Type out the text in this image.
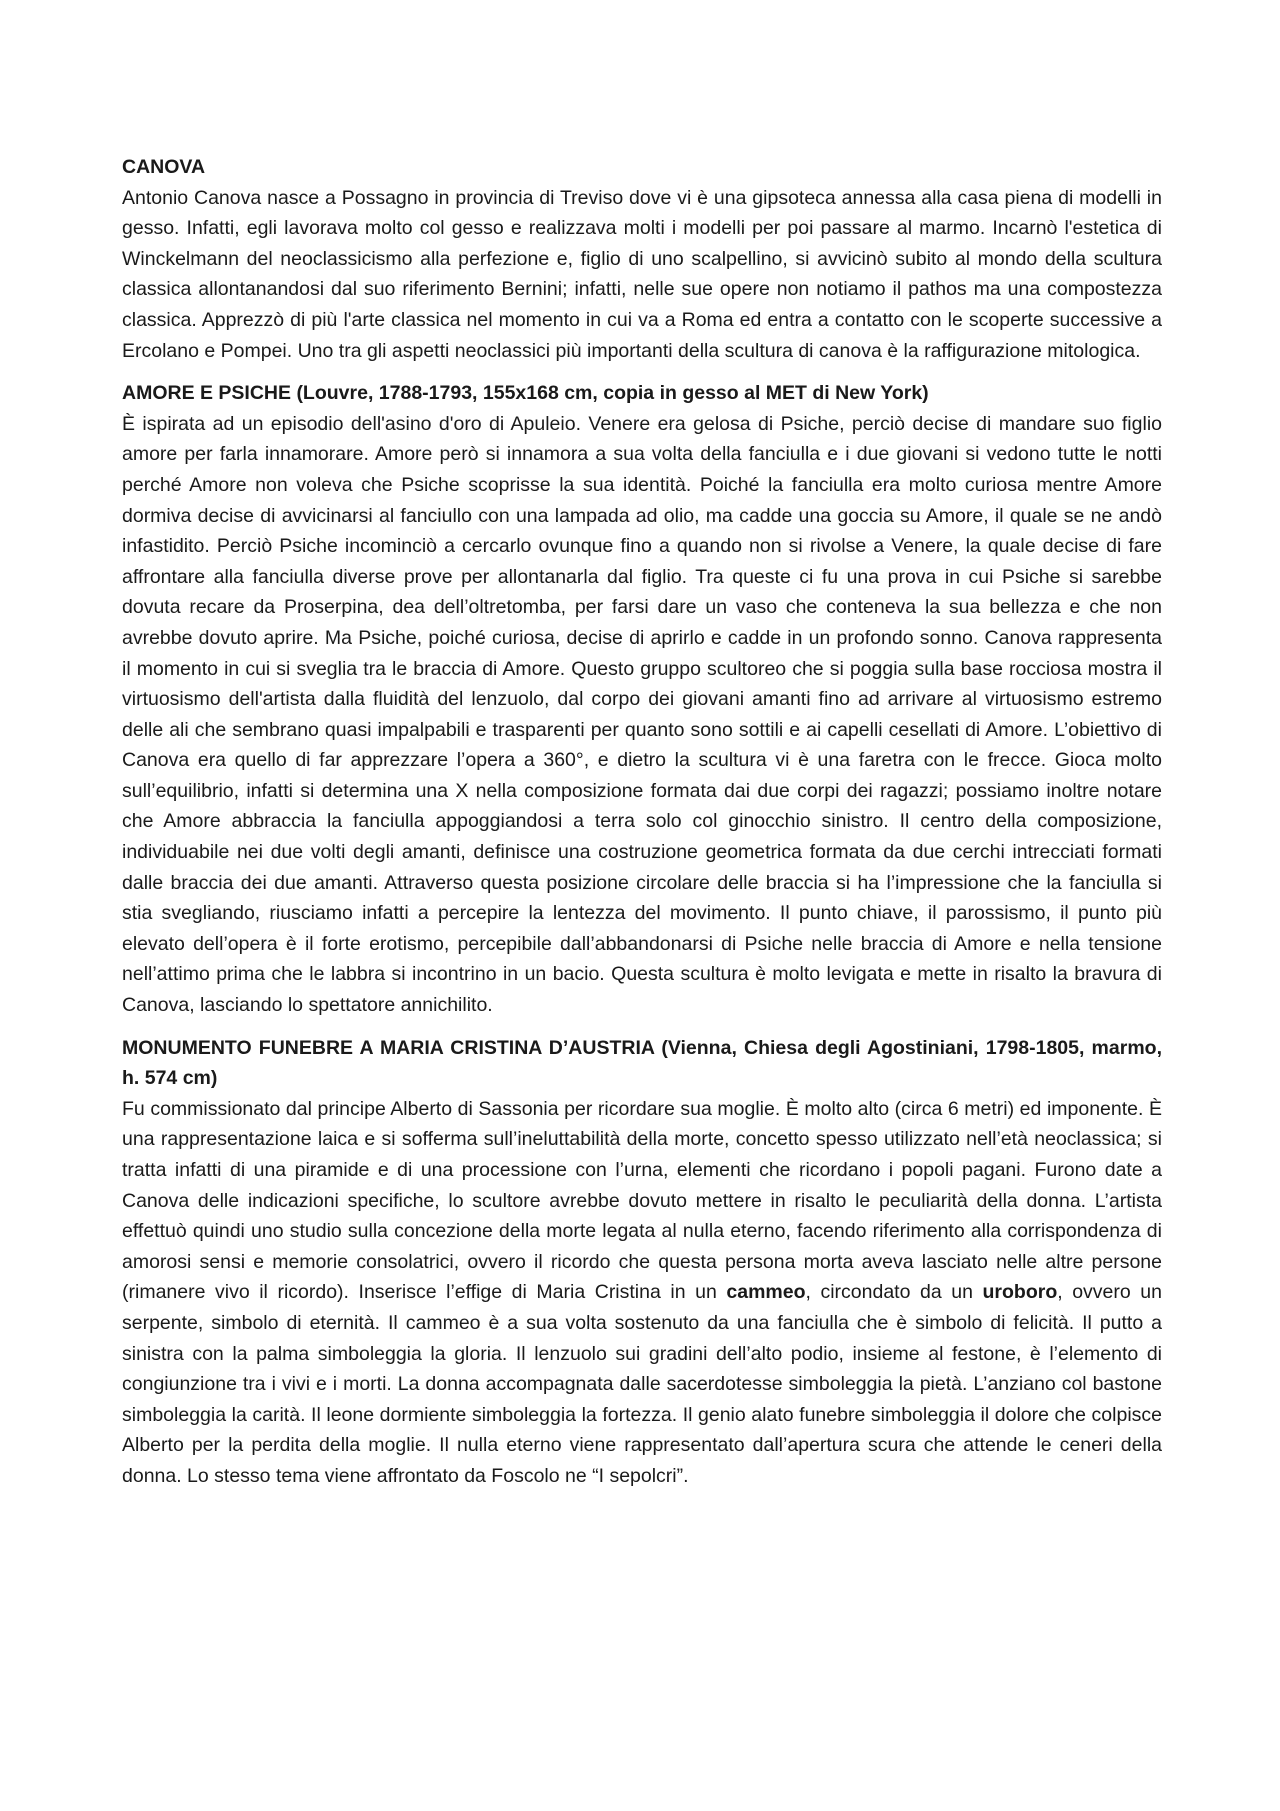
CANOVA

Antonio Canova nasce a Possagno in provincia di Treviso dove vi è una gipsoteca annessa alla casa piena di modelli in gesso. Infatti, egli lavorava molto col gesso e realizzava molti i modelli per poi passare al marmo. Incarnò l'estetica di Winckelmann del neoclassicismo alla perfezione e, figlio di uno scalpellino, si avvicinò subito al mondo della scultura classica allontanandosi dal suo riferimento Bernini; infatti, nelle sue opere non notiamo il pathos ma una compostezza classica. Apprezzò di più l'arte classica nel momento in cui va a Roma ed entra a contatto con le scoperte successive a Ercolano e Pompei. Uno tra gli aspetti neoclassici più importanti della scultura di canova è la raffigurazione mitologica.

AMORE E PSICHE (Louvre, 1788-1793, 155x168 cm, copia in gesso al MET di New York)

È ispirata ad un episodio dell'asino d'oro di Apuleio. Venere era gelosa di Psiche, perciò decise di mandare suo figlio amore per farla innamorare. Amore però si innamora a sua volta della fanciulla e i due giovani si vedono tutte le notti perché Amore non voleva che Psiche scoprisse la sua identità. Poiché la fanciulla era molto curiosa mentre Amore dormiva decise di avvicinarsi al fanciullo con una lampada ad olio, ma cadde una goccia su Amore, il quale se ne andò infastidito. Perciò Psiche incominciò a cercarlo ovunque fino a quando non si rivolse a Venere, la quale decise di fare affrontare alla fanciulla diverse prove per allontanarla dal figlio. Tra queste ci fu una prova in cui Psiche si sarebbe dovuta recare da Proserpina, dea dell’oltretomba, per farsi dare un vaso che conteneva la sua bellezza e che non avrebbe dovuto aprire. Ma Psiche, poiché curiosa, decise di aprirlo e cadde in un profondo sonno. Canova rappresenta il momento in cui si sveglia tra le braccia di Amore. Questo gruppo scultoreo che si poggia sulla base rocciosa mostra il virtuosismo dell'artista dalla fluidità del lenzuolo, dal corpo dei giovani amanti fino ad arrivare al virtuosismo estremo delle ali che sembrano quasi impalpabili e trasparenti per quanto sono sottili e ai capelli cesellati di Amore. L’obiettivo di Canova era quello di far apprezzare l’opera a 360°, e dietro la scultura vi è una faretra con le frecce. Gioca molto sull’equilibrio, infatti si determina una X nella composizione formata dai due corpi dei ragazzi; possiamo inoltre notare che Amore abbraccia la fanciulla appoggiandosi a terra solo col ginocchio sinistro. Il centro della composizione, individuabile nei due volti degli amanti, definisce una costruzione geometrica formata da due cerchi intrecciati formati dalle braccia dei due amanti. Attraverso questa posizione circolare delle braccia si ha l’impressione che la fanciulla si stia svegliando, riusciamo infatti a percepire la lentezza del movimento. Il punto chiave, il parossismo, il punto più elevato dell’opera è il forte erotismo, percepibile dall’abbandonarsi di Psiche nelle braccia di Amore e nella tensione nell’attimo prima che le labbra si incontrino in un bacio. Questa scultura è molto levigata e mette in risalto la bravura di Canova, lasciando lo spettatore annichilito.

MONUMENTO FUNEBRE A MARIA CRISTINA D’AUSTRIA (Vienna, Chiesa degli Agostiniani, 1798-1805, marmo, h. 574 cm)

Fu commissionato dal principe Alberto di Sassonia per ricordare sua moglie. È molto alto (circa 6 metri) ed imponente. È una rappresentazione laica e si sofferma sull’ineluttabilità della morte, concetto spesso utilizzato nell’età neoclassica; si tratta infatti di una piramide e di una processione con l’urna, elementi che ricordano i popoli pagani. Furono date a Canova delle indicazioni specifiche, lo scultore avrebbe dovuto mettere in risalto le peculiarità della donna. L’artista effettuò quindi uno studio sulla concezione della morte legata al nulla eterno, facendo riferimento alla corrispondenza di amorosi sensi e memorie consolatrici, ovvero il ricordo che questa persona morta aveva lasciato nelle altre persone (rimanere vivo il ricordo). Inserisce l’effige di Maria Cristina in un cammeo, circondato da un uroboro, ovvero un serpente, simbolo di eternità. Il cammeo è a sua volta sostenuto da una fanciulla che è simbolo di felicità. Il putto a sinistra con la palma simboleggia la gloria. Il lenzuolo sui gradini dell’alto podio, insieme al festone, è l’elemento di congiunzione tra i vivi e i morti. La donna accompagnata dalle sacerdotesse simboleggia la pietà. L’anziano col bastone simboleggia la carità. Il leone dormiente simboleggia la fortezza. Il genio alato funebre simboleggia il dolore che colpisce Alberto per la perdita della moglie. Il nulla eterno viene rappresentato dall’apertura scura che attende le ceneri della donna. Lo stesso tema viene affrontato da Foscolo ne “I sepolcri”.
